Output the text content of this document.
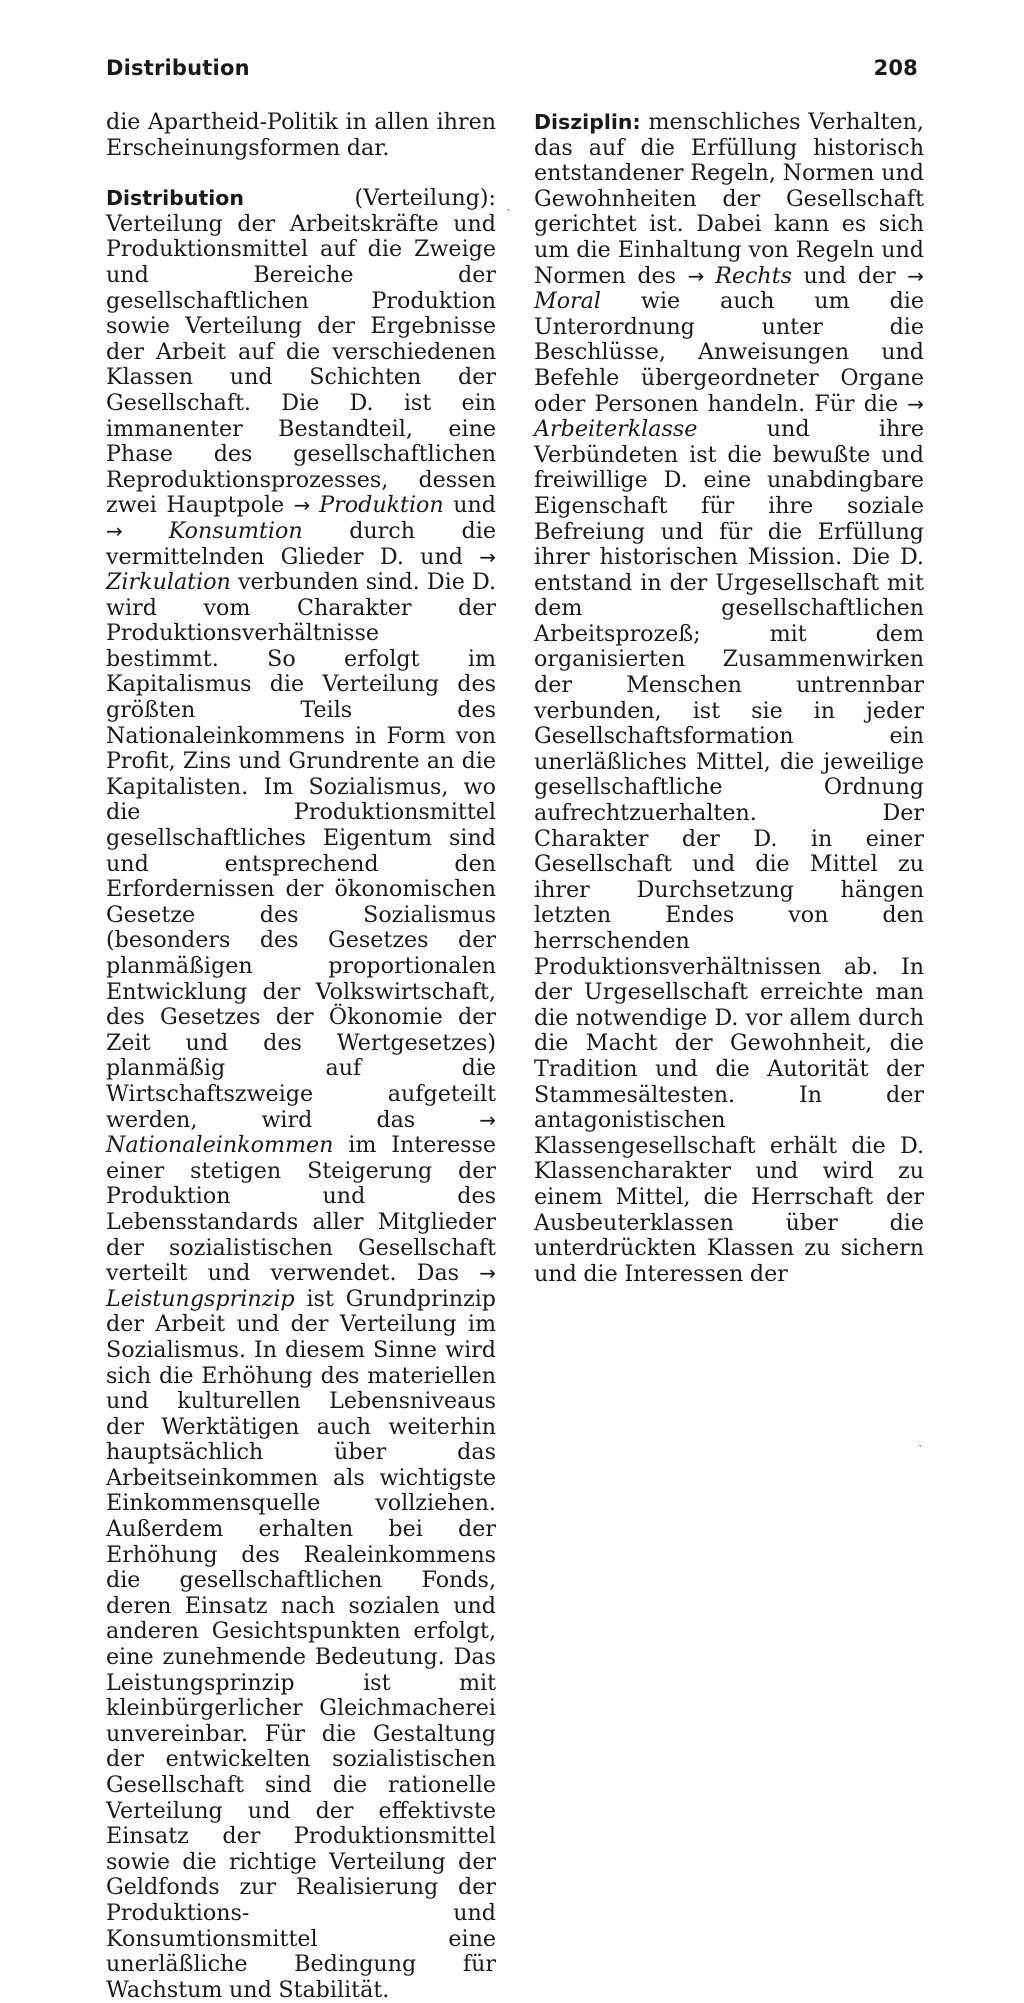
Distribution	208

die Apartheid-Politik in allen ihren Erscheinungsformen dar.

Distribution (Verteilung): Verteilung der Arbeitskräfte und Produktionsmittel auf die Zweige und Bereiche der gesellschaftlichen Produktion sowie Verteilung der Ergebnisse der Arbeit auf die verschiedenen Klassen und Schichten der Gesellschaft. Die D. ist ein immanenter Bestandteil, eine Phase des gesellschaftlichen Reproduktionsprozesses, dessen zwei Hauptpole → Produktion und → Konsumtion durch die vermittelnden Glieder D. und → Zirkulation verbunden sind. Die D. wird vom Charakter der Produktionsverhältnisse bestimmt. So erfolgt im Kapitalismus die Verteilung des größten Teils des Nationaleinkommens in Form von Profit, Zins und Grundrente an die Kapitalisten. Im Sozialismus, wo die Produktionsmittel gesellschaftliches Eigentum sind und entsprechend den Erfordernissen der ökonomischen Gesetze des Sozialismus (besonders des Gesetzes der planmäßigen proportionalen Entwicklung der Volkswirtschaft, des Gesetzes der Ökonomie der Zeit und des Wertgesetzes) planmäßig auf die Wirtschaftszweige aufgeteilt werden, wird das → Nationaleinkommen im Interesse einer stetigen Steigerung der Produktion und des Lebensstandards aller Mitglieder der sozialistischen Gesellschaft verteilt und verwendet. Das → Leistungsprinzip ist Grundprinzip der Arbeit und der Verteilung im Sozialismus. In diesem Sinne wird sich die Erhöhung des materiellen und kulturellen Lebensniveaus der Werktätigen auch weiterhin hauptsächlich über das Arbeitseinkommen als wichtigste Einkommensquelle vollziehen. Außerdem erhalten bei der Erhöhung des Realeinkommens die gesellschaftlichen Fonds, deren Einsatz nach sozialen und anderen Gesichtspunkten erfolgt, eine zunehmende Bedeutung. Das Leistungsprinzip ist mit kleinbürgerlicher Gleichmacherei unvereinbar. Für die Gestaltung der entwickelten sozialistischen Gesellschaft sind die rationelle Verteilung und der effektivste Einsatz der Produktionsmittel sowie die richtige Verteilung der Geldfonds zur Realisierung der Produktions- und Konsumtionsmittel eine unerläßliche Bedingung für Wachstum und Stabilität.

Disziplin: menschliches Verhalten, das auf die Erfüllung historisch entstandener Regeln, Normen und Gewohnheiten der Gesellschaft gerichtet ist. Dabei kann es sich um die Einhaltung von Regeln und Normen des → Rechts und der → Moral wie auch um die Unterordnung unter die Beschlüsse, Anweisungen und Befehle übergeordneter Organe oder Personen handeln. Für die → Arbeiterklasse und ihre Verbündeten ist die bewußte und freiwillige D. eine unabdingbare Eigenschaft für ihre soziale Befreiung und für die Erfüllung ihrer historischen Mission. Die D. entstand in der Urgesellschaft mit dem gesellschaftlichen Arbeitsprozeß; mit dem organisierten Zusammenwirken der Menschen untrennbar verbunden, ist sie in jeder Gesellschaftsformation ein unerläßliches Mittel, die jeweilige gesellschaftliche Ordnung aufrechtzuerhalten. Der Charakter der D. in einer Gesellschaft und die Mittel zu ihrer Durchsetzung hängen letzten Endes von den herrschenden Produktionsverhältnissen ab. In der Urgesellschaft erreichte man die notwendige D. vor allem durch die Macht der Gewohnheit, die Tradition und die Autorität der Stammesältesten. In der antagonistischen Klassengesellschaft erhält die D. Klassencharakter und wird zu einem Mittel, die Herrschaft der Ausbeuterklassen über die unterdrückten Klassen zu sichern und die Interessen der

ˎ
ˏ
